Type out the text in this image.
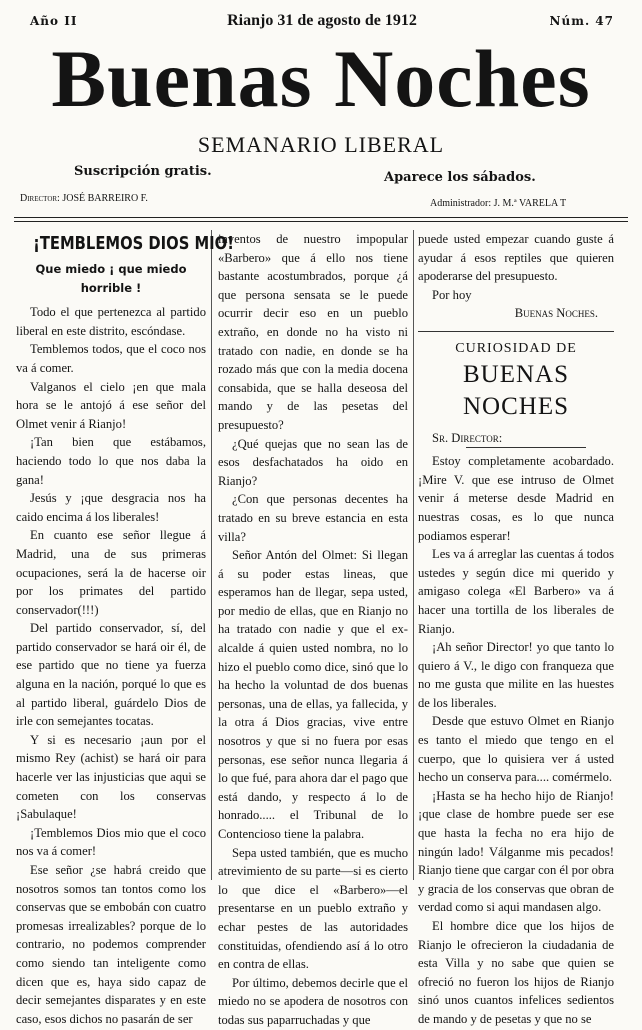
Año II	Rianjo 31 de agosto de 1912	Núm. 47
Buenas Noches
SEMANARIO LIBERAL
Suscripción gratis.	Aparece los sábados.
Director: JOSÉ BARREIRO F.	Administrador: J. M.ª VARELA T
¡TEMBLEMOS DIOS MIO!
Que miedo ¡ que miedo horrible !

Todo el que pertenezca al partido liberal en este distrito, escóndase.

Temblemos todos, que el coco nos va á comer.

Valganos el cielo ¡en que mala hora se le antojó á ese señor del Olmet venir á Rianjo!

¡Tan bien que estábamos, haciendo todo lo que nos daba la gana!

Jesús y ¡que desgracia nos ha caido encima á los liberales!

En cuanto ese señor llegue á Madrid, una de sus primeras ocupaciones, será la de hacerse oir por los primates del partido conservador(!!!)

Del partido conservador, sí, del partido conservador se hará oir él, de ese partido que no tiene ya fuerza alguna en la nación, porqué lo que es al partido liberal, guárdelo Dios de irle con semejantes tocatas.

Y si es necesario ¡aun por el mismo Rey (achist) se hará oir para hacerle ver las injusticias que aqui se cometen con los conservas ¡Sabulaque!

¡Temblemos Dios mio que el coco nos va á comer!

Ese señor ¿se habrá creido que nosotros somos tan tontos como los conservas que se embobán con cuatro promesas irrealizables? porque de lo contrario, no podemos comprender como siendo tan inteligente como dicen que es, haya sido capaz de decir semejantes disparates y en este caso, esos dichos no pasarán de ser

inventos de nuestro impopular «Barbero» que á ello nos tiene bastante acostumbrados, porque ¿á que persona sensata se le puede ocurrir decir eso en un pueblo extraño, en donde no ha visto ni tratado con nadie, en donde se ha rozado más que con la media docena consabida, que se halla deseosa del mando y de las pesetas del presupuesto?

¿Qué quejas que no sean las de esos desfachatados ha oido en Rianjo?

¿Con que personas decentes ha tratado en su breve estancia en esta villa?

Señor Antón del Olmet: Si llegan á su poder estas lineas, que esperamos han de llegar, sepa usted, por medio de ellas, que en Rianjo no ha tratado con nadie y que el ex-alcalde á quien usted nombra, no lo hizo el pueblo como dice, sinó que lo ha hecho la voluntad de dos buenas personas, una de ellas, ya fallecida, y la otra á Dios gracias, vive entre nosotros y que si no fuera por esas personas, ese señor nunca llegaria á lo que fué, para ahora dar el pago que está dando, y respecto á lo de honrado..... el Tribunal de lo Contencioso tiene la palabra.

Sepa usted también, que es mucho atrevimiento de su parte—si es cierto lo que dice el «Barbero»—el presentarse en un pueblo extraño y echar pestes de las autoridades constituidas, ofendiendo así á lo otro en contra de ellas.

Por último, debemos decirle que el miedo no se apodera de nosotros con todas sus paparruchadas y que

puede usted empezar cuando guste á ayudar á esos reptiles que quieren apoderarse del presupuesto.

Por hoy

Buenas Noches.
CURIOSIDAD DE
BUENAS NOCHES

Sr. Director:

Estoy completamente acobardado. ¡Mire V. que ese intruso de Olmet venir á meterse desde Madrid en nuestras cosas, es lo que nunca podiamos esperar!

Les va á arreglar las cuentas á todos ustedes y según dice mi querido y amigaso colega «El Barbero» va á hacer una tortilla de los liberales de Rianjo.

¡Ah señor Director! yo que tanto lo quiero á V., le digo con franqueza que no me gusta que milite en las huestes de los liberales.

Desde que estuvo Olmet en Rianjo es tanto el miedo que tengo en el cuerpo, que lo quisiera ver á usted hecho un conserva para.... comérmelo.

¡Hasta se ha hecho hijo de Rianjo! ¡que clase de hombre puede ser ese que hasta la fecha no era hijo de ningún lado! Válganme mis pecados! Rianjo tiene que cargar con él por obra y gracia de los conservas que obran de verdad como si aqui mandasen algo.

El hombre dice que los hijos de Rianjo le ofrecieron la ciudadania de esta Villa y no sabe que quien se ofreció no fueron los hijos de Rianjo sinó unos cuantos infelices sedientos de mando y de pesetas y que no se
